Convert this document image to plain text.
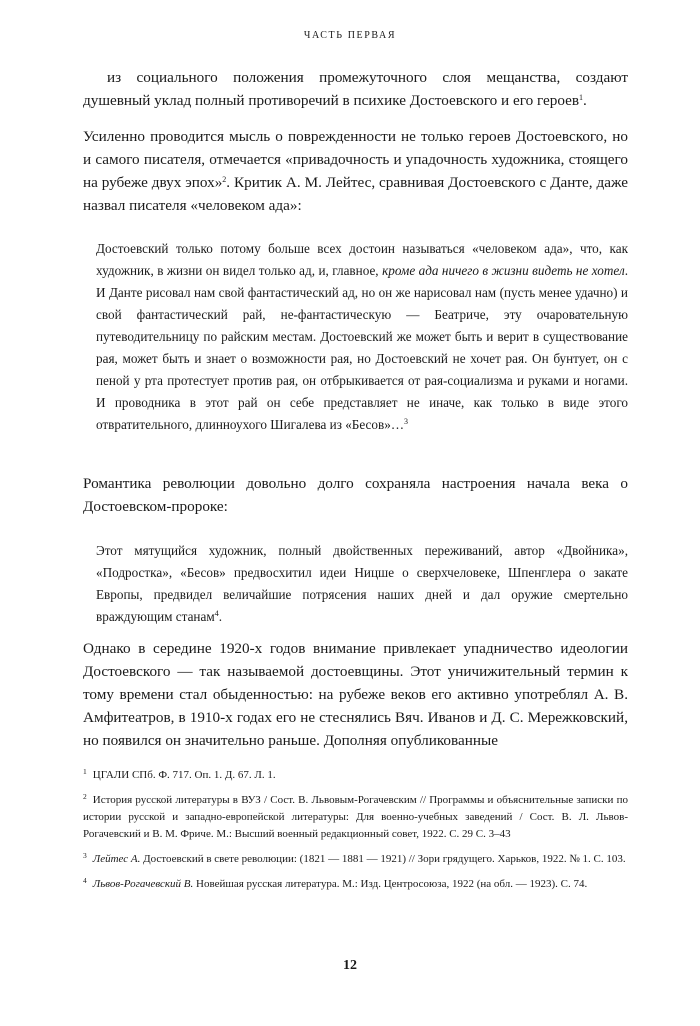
ЧАСТЬ ПЕРВАЯ

из социального положения промежуточного слоя мещанства, создают душевный уклад полный противоречий в психике Достоевского и его героев$^1$.

Усиленно проводится мысль о поврежденности не только героев Достоевского, но и самого писателя, отмечается «привадочность и упадочность художника, стоящего на рубеже двух эпох»$^2$. Критик А. М. Лейтес, сравнивая Достоевского с Данте, даже назвал писателя «человеком ада»:

Достоевский только потому больше всех достоин называться «человеком ада», что, как художник, в жизни он видел только ад, и, главное, кроме ада ничего в жизни видеть не хотел. И Данте рисовал нам свой фантастический ад, но он же нарисовал нам (пусть менее удачно) и свой фантастический рай, не-фантастическую — Беатриче, эту очаровательную путеводительницу по райским местам. Достоевский же может быть и верит в существование рая, может быть и знает о возможности рая, но Достоевский не хочет рая. Он бунтует, он с пеной у рта протестует против рая, он отбрыкивается от рая-социализма и руками и ногами. И проводника в этот рай он себе представляет не иначе, как только в виде этого отвратительного, длинноухого Шигалева из «Бесов»…$^3$

Романтика революции довольно долго сохраняла настроения начала века о Достоевском-пророке:

Этот мятущийся художник, полный двойственных переживаний, автор «Двойника», «Подростка», «Бесов» предвосхитил идеи Ницше о сверхчеловеке, Шпенглера о закате Европы, предвидел величайшие потрясения наших дней и дал оружие смертельно враждующим станам$^4$.

Однако в середине 1920-х годов внимание привлекает упадничество идеологии Достоевского — так называемой достоевщины. Этот уничижительный термин к тому времени стал обыденностью: на рубеже веков его активно употреблял А. В. Амфитеатров, в 1910-х годах его не стеснялись Вяч. Иванов и Д. С. Мережковский, но появился он значительно раньше. Дополняя опубликованные

$^1$ ЦГАЛИ СПб. Ф. 717. Оп. 1. Д. 67. Л. 1.

$^2$ История русской литературы в ВУЗ / Сост. В. Львовым-Рогачевским // Программы и объяснительные записки по истории русской и западно-европейской литературы: Для военно-учебных заведений / Сост. В. Л. Львов-Рогачевский и В. М. Фриче. М.: Высший военный редакционный совет, 1922. С. 29 С. 3–43

$^3$ Лейтес А. Достоевский в свете революции: (1821 — 1881 — 1921) // Зори грядущего. Харьков, 1922. № 1. С. 103.

$^4$ Львов-Рогачевский В. Новейшая русская литература. М.: Изд. Центросоюза, 1922 (на обл. — 1923). С. 74.

12
